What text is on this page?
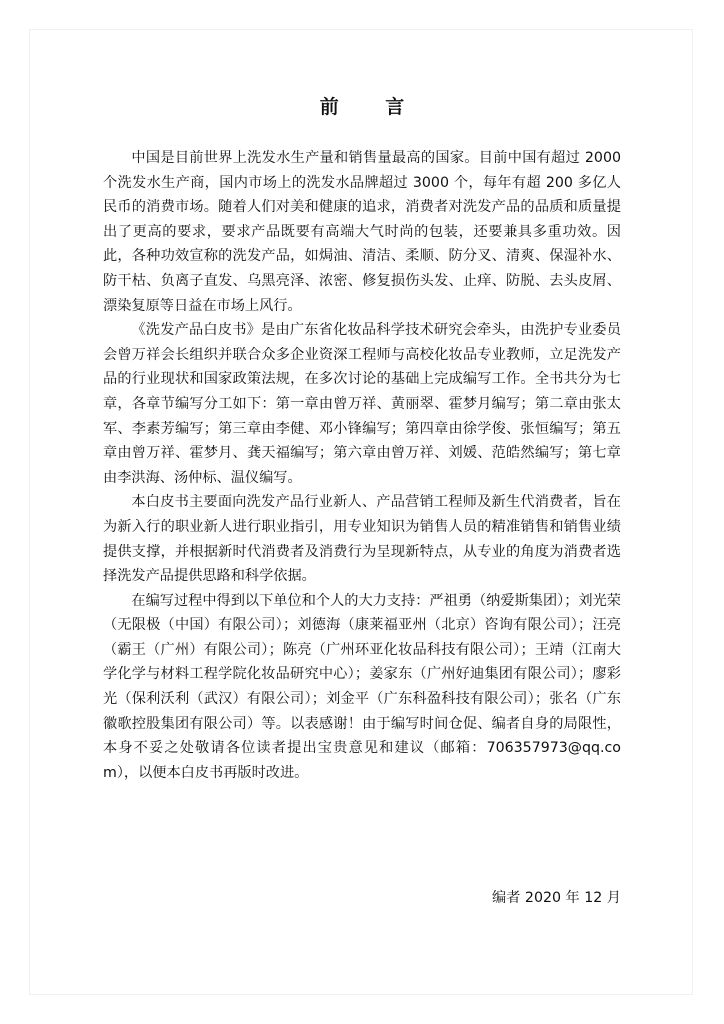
前 言

中国是目前世界上洗发水生产量和销售量最高的国家。目前中国有超过 2000 个洗发水生产商，国内市场上的洗发水品牌超过 3000 个，每年有超 200 多亿人民币的消费市场。随着人们对美和健康的追求，消费者对洗发产品的品质和质量提出了更高的要求，要求产品既要有高端大气时尚的包装，还要兼具多重功效。因此，各种功效宣称的洗发产品，如焗油、清洁、柔顺、防分叉、清爽、保湿补水、防干枯、负离子直发、乌黑亮泽、浓密、修复损伤头发、止痒、防脱、去头皮屑、漂染复原等日益在市场上风行。

《洗发产品白皮书》是由广东省化妆品科学技术研究会牵头，由洗护专业委员会曾万祥会长组织并联合众多企业资深工程师与高校化妆品专业教师，立足洗发产品的行业现状和国家政策法规，在多次讨论的基础上完成编写工作。全书共分为七章，各章节编写分工如下：第一章由曾万祥、黄丽翠、霍梦月编写；第二章由张太军、李素芳编写；第三章由李健、邓小锋编写；第四章由徐学俊、张恒编写；第五章由曾万祥、霍梦月、龚天福编写；第六章由曾万祥、刘媛、范皓然编写；第七章由李洪海、汤仲标、温仪编写。

本白皮书主要面向洗发产品行业新人、产品营销工程师及新生代消费者，旨在为新入行的职业新人进行职业指引，用专业知识为销售人员的精准销售和销售业绩提供支撑，并根据新时代消费者及消费行为呈现新特点，从专业的角度为消费者选择洗发产品提供思路和科学依据。

在编写过程中得到以下单位和个人的大力支持：严祖勇（纳爱斯集团）；刘光荣（无限极（中国）有限公司）；刘德海（康莱福亚州（北京）咨询有限公司）；汪亮（霸王（广州）有限公司）；陈亮（广州环亚化妆品科技有限公司）；王靖（江南大学化学与材料工程学院化妆品研究中心）；姜家东（广州好迪集团有限公司）；廖彩光（保利沃利（武汉）有限公司）；刘金平（广东科盈科技有限公司）；张名（广东徽歌控股集团有限公司）等。以表感谢！由于编写时间仓促、编者自身的局限性，本身不妥之处敬请各位读者提出宝贵意见和建议（邮箱：706357973@qq.com），以便本白皮书再版时改进。

编者 2020 年 12 月
